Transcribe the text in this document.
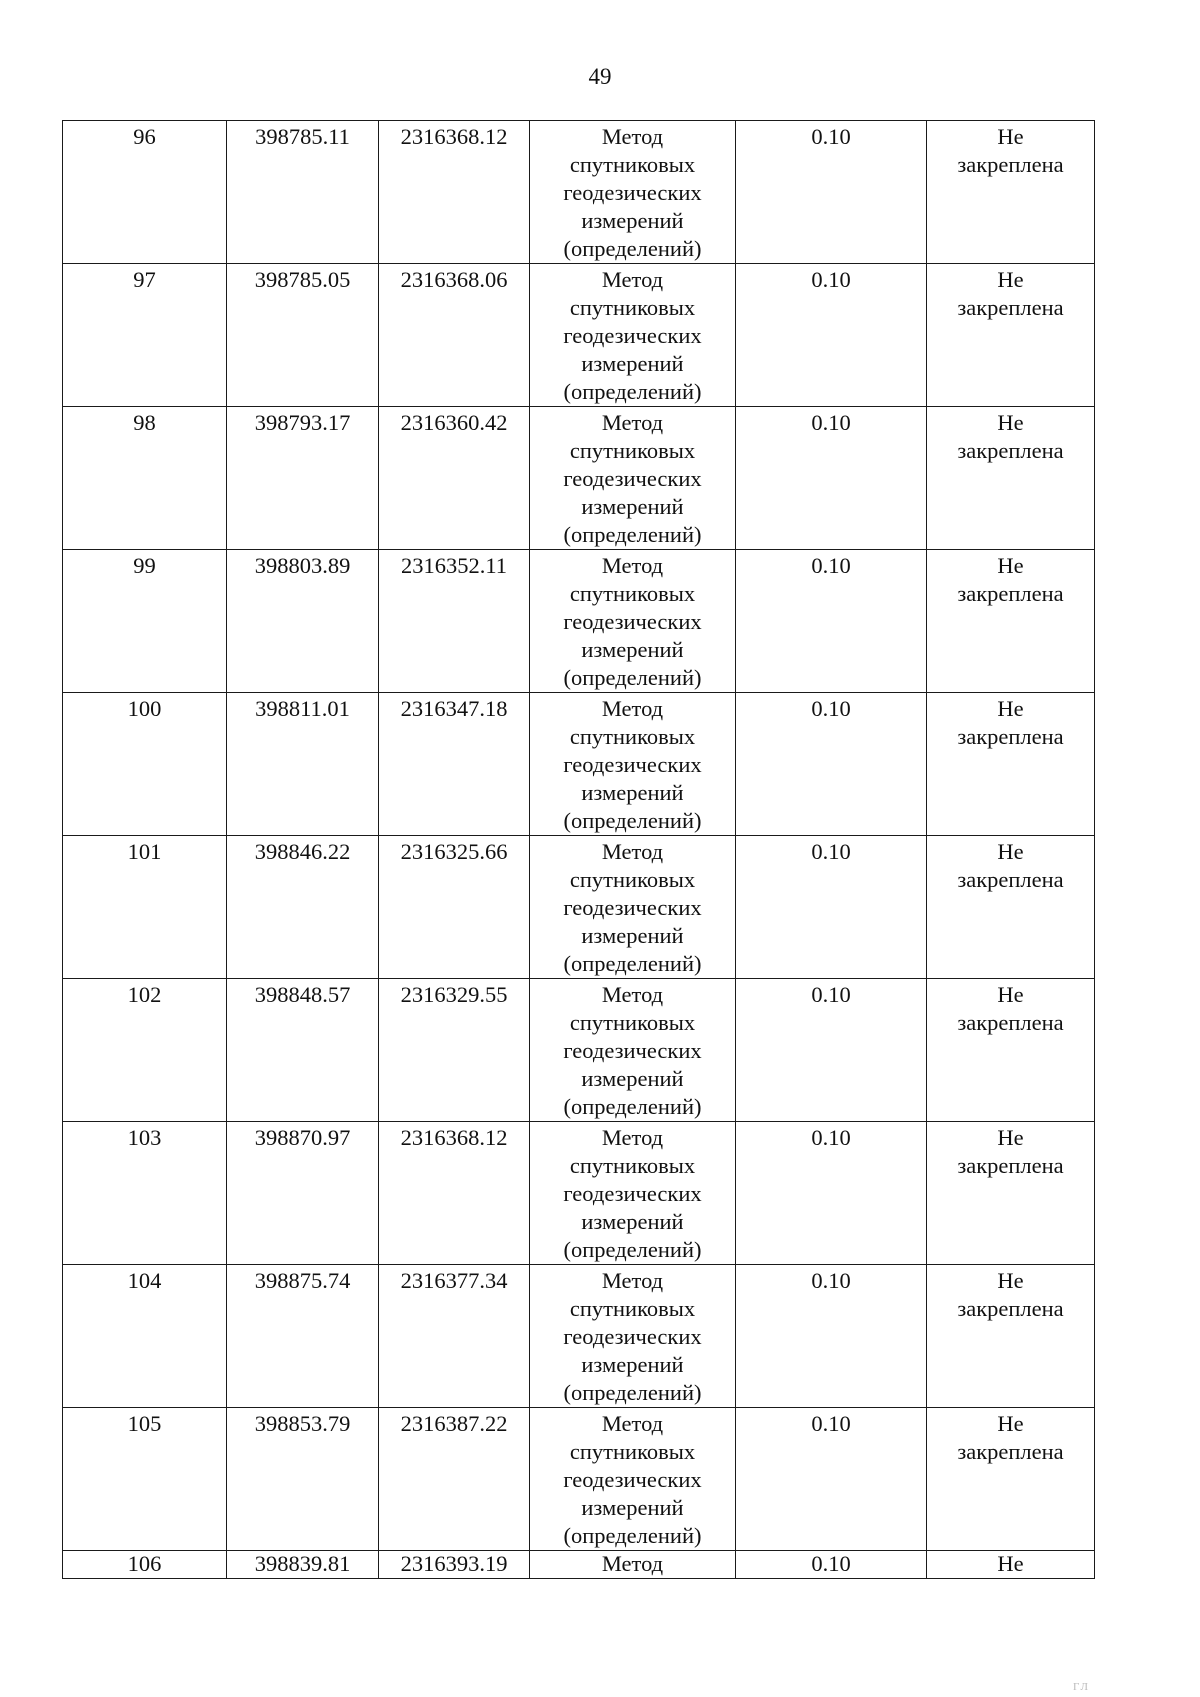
49
96	398785.11	2316368.12	Метод
спутниковых
геодезических
измерений
(определений)	0.10	Не
закреплена
97	398785.05	2316368.06	Метод
спутниковых
геодезических
измерений
(определений)	0.10	Не
закреплена
98	398793.17	2316360.42	Метод
спутниковых
геодезических
измерений
(определений)	0.10	Не
закреплена
99	398803.89	2316352.11	Метод
спутниковых
геодезических
измерений
(определений)	0.10	Не
закреплена
100	398811.01	2316347.18	Метод
спутниковых
геодезических
измерений
(определений)	0.10	Не
закреплена
101	398846.22	2316325.66	Метод
спутниковых
геодезических
измерений
(определений)	0.10	Не
закреплена
102	398848.57	2316329.55	Метод
спутниковых
геодезических
измерений
(определений)	0.10	Не
закреплена
103	398870.97	2316368.12	Метод
спутниковых
геодезических
измерений
(определений)	0.10	Не
закреплена
104	398875.74	2316377.34	Метод
спутниковых
геодезических
измерений
(определений)	0.10	Не
закреплена
105	398853.79	2316387.22	Метод
спутниковых
геодезических
измерений
(определений)	0.10	Не
закреплена
106	398839.81	2316393.19	Метод	0.10	Не
ГЛ
